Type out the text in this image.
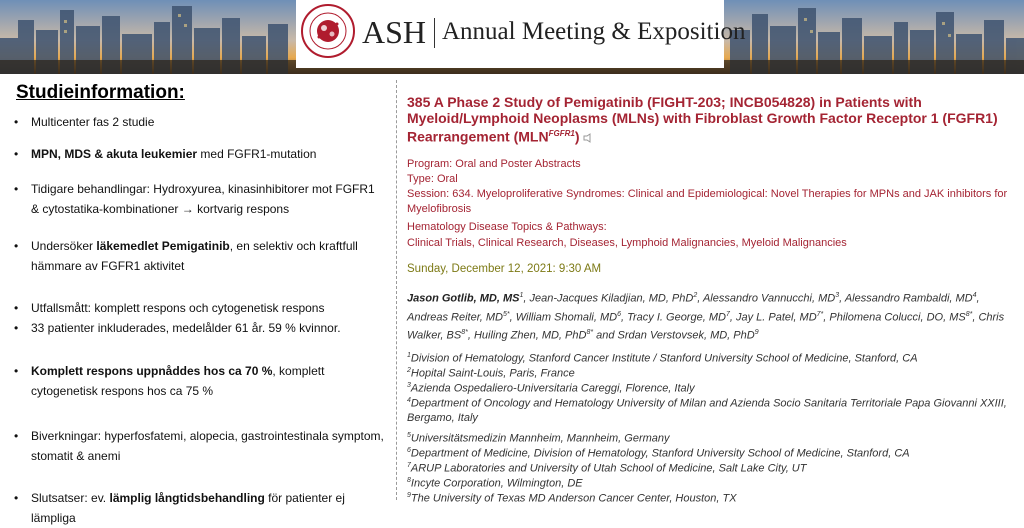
ASH Annual Meeting & Exposition
Studieinformation:
•	Multicenter fas 2 studie
•	MPN, MDS & akuta leukemier med FGFR1-mutation
•	Tidigare behandlingar: Hydroxyurea, kinasinhibitorer mot FGFR1 & cytostatika-kombinationer → kortvarig respons
•	Undersöker läkemedlet Pemigatinib, en selektiv och kraftfull hämmare av FGFR1 aktivitet
•	Utfallsmått: komplett respons och cytogenetisk respons
•	33 patienter inkluderades, medelålder 61 år. 59 % kvinnor.
•	Komplett respons uppnåddes hos ca 70 %, komplett cytogenetisk respons hos ca 75 %
•	Biverkningar: hyperfosfatemi, alopecia, gastrointestinala symptom, stomatit & anemi
•	Slutsatser: ev. lämplig långtidsbehandling för patienter ej lämpliga
385 A Phase 2 Study of Pemigatinib (FIGHT-203; INCB054828) in Patients with Myeloid/Lymphoid Neoplasms (MLNs) with Fibroblast Growth Factor Receptor 1 (FGFR1) Rearrangement $(MLN^{FGFR1})$
Program: Oral and Poster Abstracts
Type: Oral
Session: 634. Myeloproliferative Syndromes: Clinical and Epidemiological: Novel Therapies for MPNs and JAK inhibitors for Myelofibrosis
Hematology Disease Topics & Pathways:
Clinical Trials, Clinical Research, Diseases, Lymphoid Malignancies, Myeloid Malignancies
Sunday, December 12, 2021: 9:30 AM
Jason Gotlib, MD, $MS^1$, Jean-Jacques Kiladjian, MD, PhD$^2$, Alessandro Vannucchi, $MD^3$, Alessandro Rambaldi, $MD^4$, Andreas Reiter, $MD^{5*}$, William Shomali, $MD^6$, Tracy I. George, $MD^7$, Jay L. Patel, $MD^{7*}$, Philomena Colucci, DO, $MS^{8*}$, Chris Walker, $BS^{8*}$, Huiling Zhen, MD, PhD$^{8*}$ and Srdan Verstovsek, MD, PhD$^9$
$^1$Division of Hematology, Stanford Cancer Institute / Stanford University School of Medicine, Stanford, CA
$^2$Hopital Saint-Louis, Paris, France
$^3$Azienda Ospedaliero-Universitaria Careggi, Florence, Italy
$^4$Department of Oncology and Hematology University of Milan and Azienda Socio Sanitaria Territoriale Papa Giovanni XXIII, Bergamo, Italy
$^5$Universitätsmedizin Mannheim, Mannheim, Germany
$^6$Department of Medicine, Division of Hematology, Stanford University School of Medicine, Stanford, CA
$^7$ARUP Laboratories and University of Utah School of Medicine, Salt Lake City, UT
$^8$Incyte Corporation, Wilmington, DE
$^9$The University of Texas MD Anderson Cancer Center, Houston, TX
